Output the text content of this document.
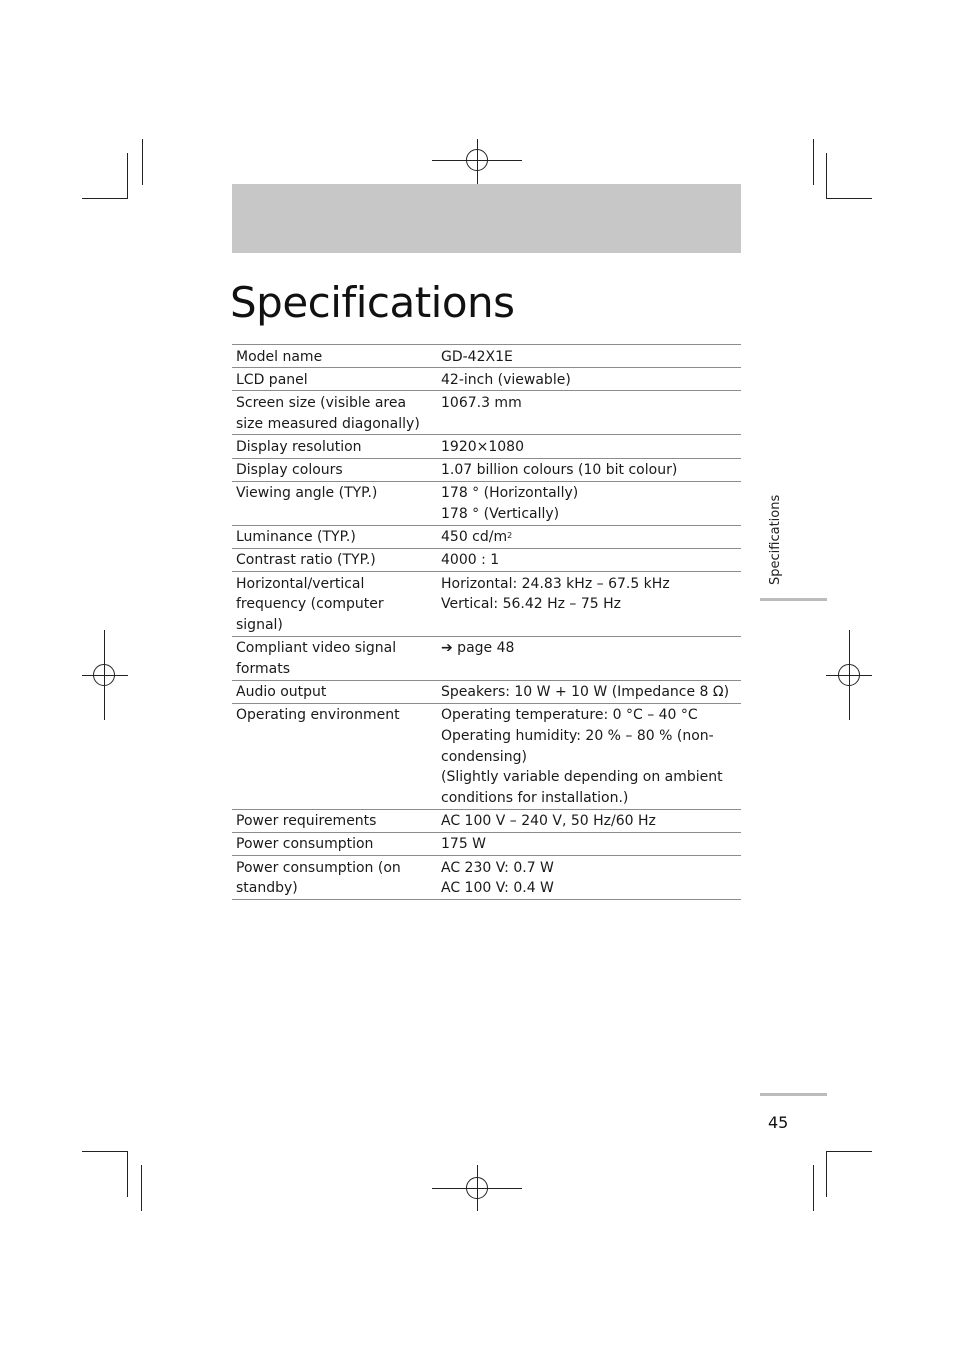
Specifications
Model name	GD-42X1E

LCD panel	42-inch (viewable)

Screen size (visible area
size measured diagonally)	1067.3 mm

Display resolution	1920×1080

Display colours	1.07 billion colours (10 bit colour)

Viewing angle (TYP.)	178 ° (Horizontally)
178 ° (Vertically)

Luminance (TYP.)	450 $cd/m^2$

Contrast ratio (TYP.)	4000 : 1

Horizontal/vertical
frequency (computer
signal)	Horizontal: 24.83 kHz – 67.5 kHz
Vertical: 56.42 Hz – 75 Hz

Compliant video signal
formats	➔ page 48

Audio output	Speakers: 10 W + 10 W (Impedance 8 Ω)

Operating environment	Operating temperature: 0 °C – 40 °C
Operating humidity: 20 % – 80 % (non-
condensing)
(Slightly variable depending on ambient
conditions for installation.)

Power requirements	AC 100 V – 240 V, 50 Hz/60 Hz

Power consumption	175 W

Power consumption (on
standby)	AC 230 V: 0.7 W
AC 100 V: 0.4 W
Specifications
45
